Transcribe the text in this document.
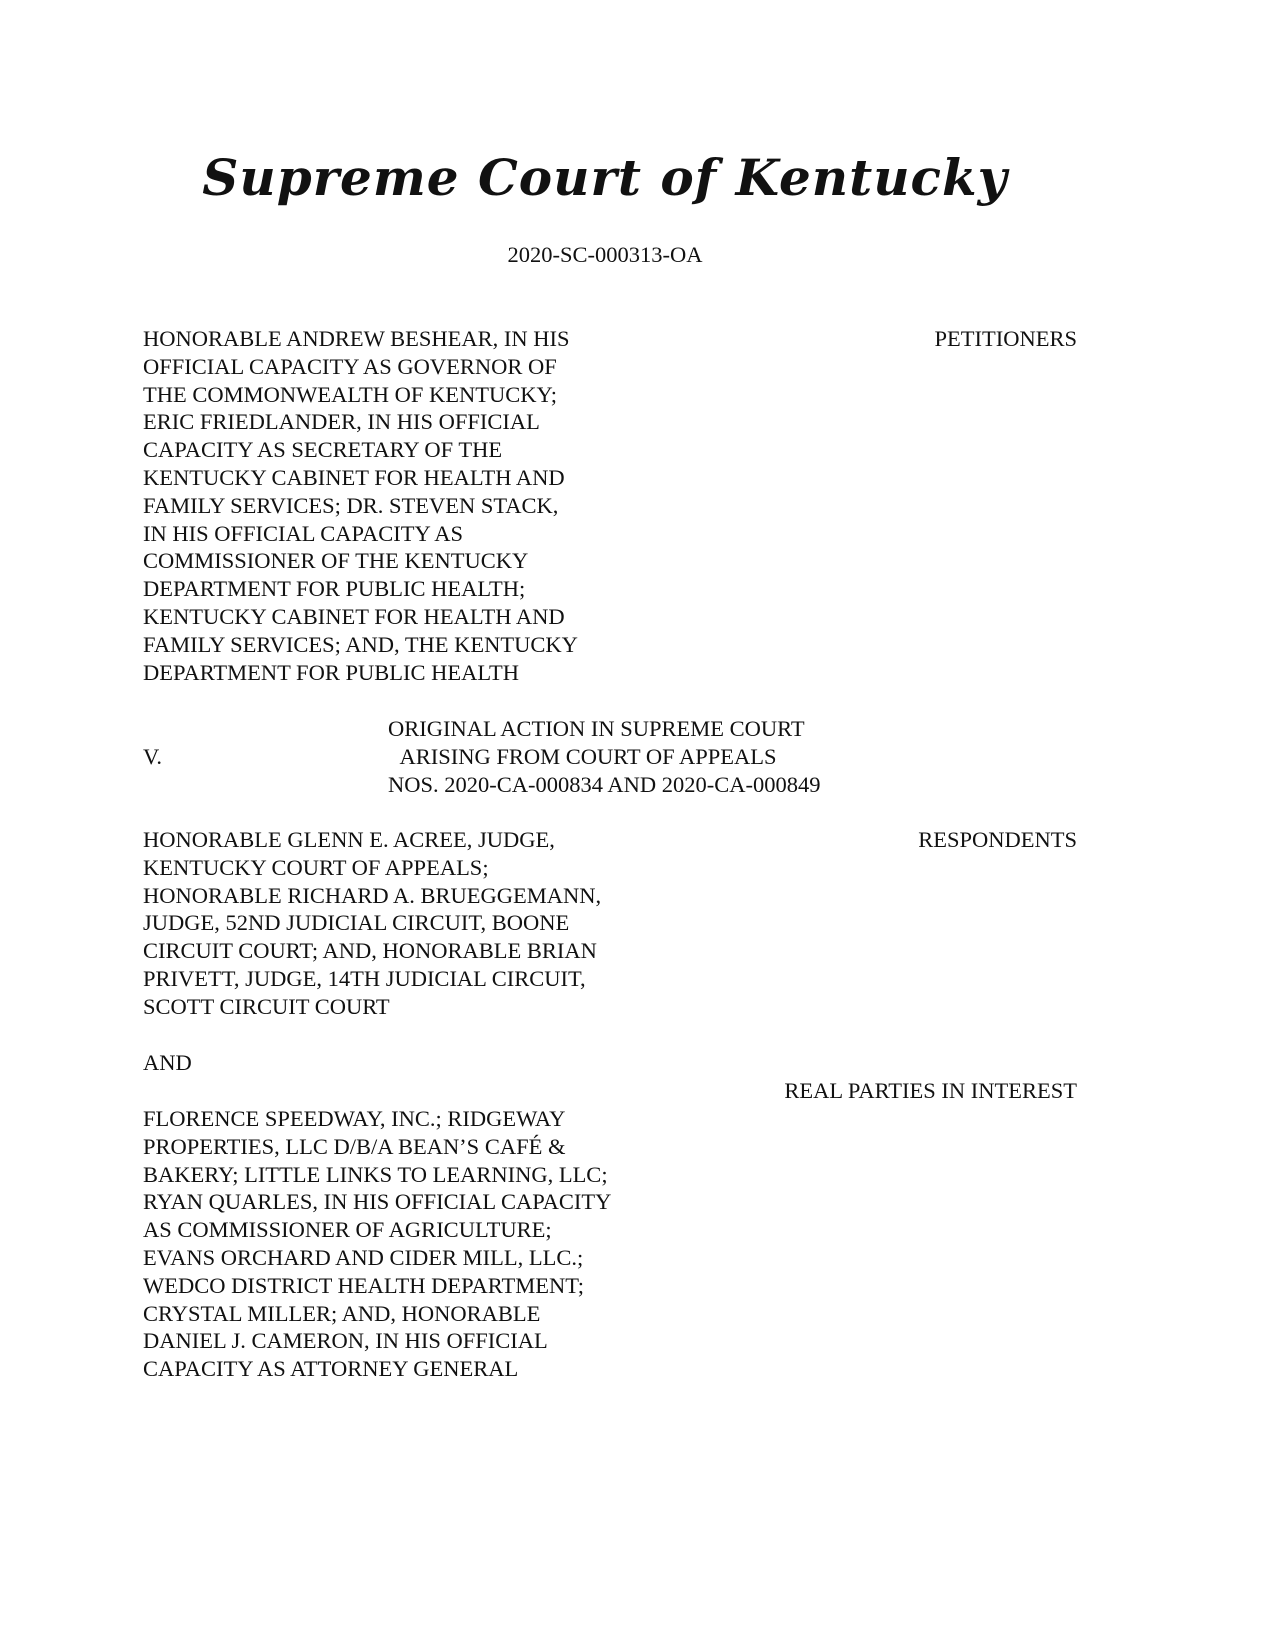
Supreme Court of Kentucky
2020-SC-000313-OA
HONORABLE ANDREW BESHEAR, IN HIS
OFFICIAL CAPACITY AS GOVERNOR OF
THE COMMONWEALTH OF KENTUCKY;
ERIC FRIEDLANDER, IN HIS OFFICIAL
CAPACITY AS SECRETARY OF THE
KENTUCKY CABINET FOR HEALTH AND
FAMILY SERVICES; DR. STEVEN STACK,
IN HIS OFFICIAL CAPACITY AS
COMMISSIONER OF THE KENTUCKY
DEPARTMENT FOR PUBLIC HEALTH;
KENTUCKY CABINET FOR HEALTH AND
FAMILY SERVICES; AND, THE KENTUCKY
DEPARTMENT FOR PUBLIC HEALTH
PETITIONERS
V.
ORIGINAL ACTION IN SUPREME COURT
ARISING FROM COURT OF APPEALS
NOS. 2020-CA-000834 AND 2020-CA-000849
HONORABLE GLENN E. ACREE, JUDGE,
KENTUCKY COURT OF APPEALS;
HONORABLE RICHARD A. BRUEGGEMANN,
JUDGE, 52ND JUDICIAL CIRCUIT, BOONE
CIRCUIT COURT; AND, HONORABLE BRIAN
PRIVETT, JUDGE, 14TH JUDICIAL CIRCUIT,
SCOTT CIRCUIT COURT
RESPONDENTS
AND
REAL PARTIES IN INTEREST
FLORENCE SPEEDWAY, INC.; RIDGEWAY
PROPERTIES, LLC D/B/A BEAN’S CAFÉ &
BAKERY; LITTLE LINKS TO LEARNING, LLC;
RYAN QUARLES, IN HIS OFFICIAL CAPACITY
AS COMMISSIONER OF AGRICULTURE;
EVANS ORCHARD AND CIDER MILL, LLC.;
WEDCO DISTRICT HEALTH DEPARTMENT;
CRYSTAL MILLER; AND, HONORABLE
DANIEL J. CAMERON, IN HIS OFFICIAL
CAPACITY AS ATTORNEY GENERAL
